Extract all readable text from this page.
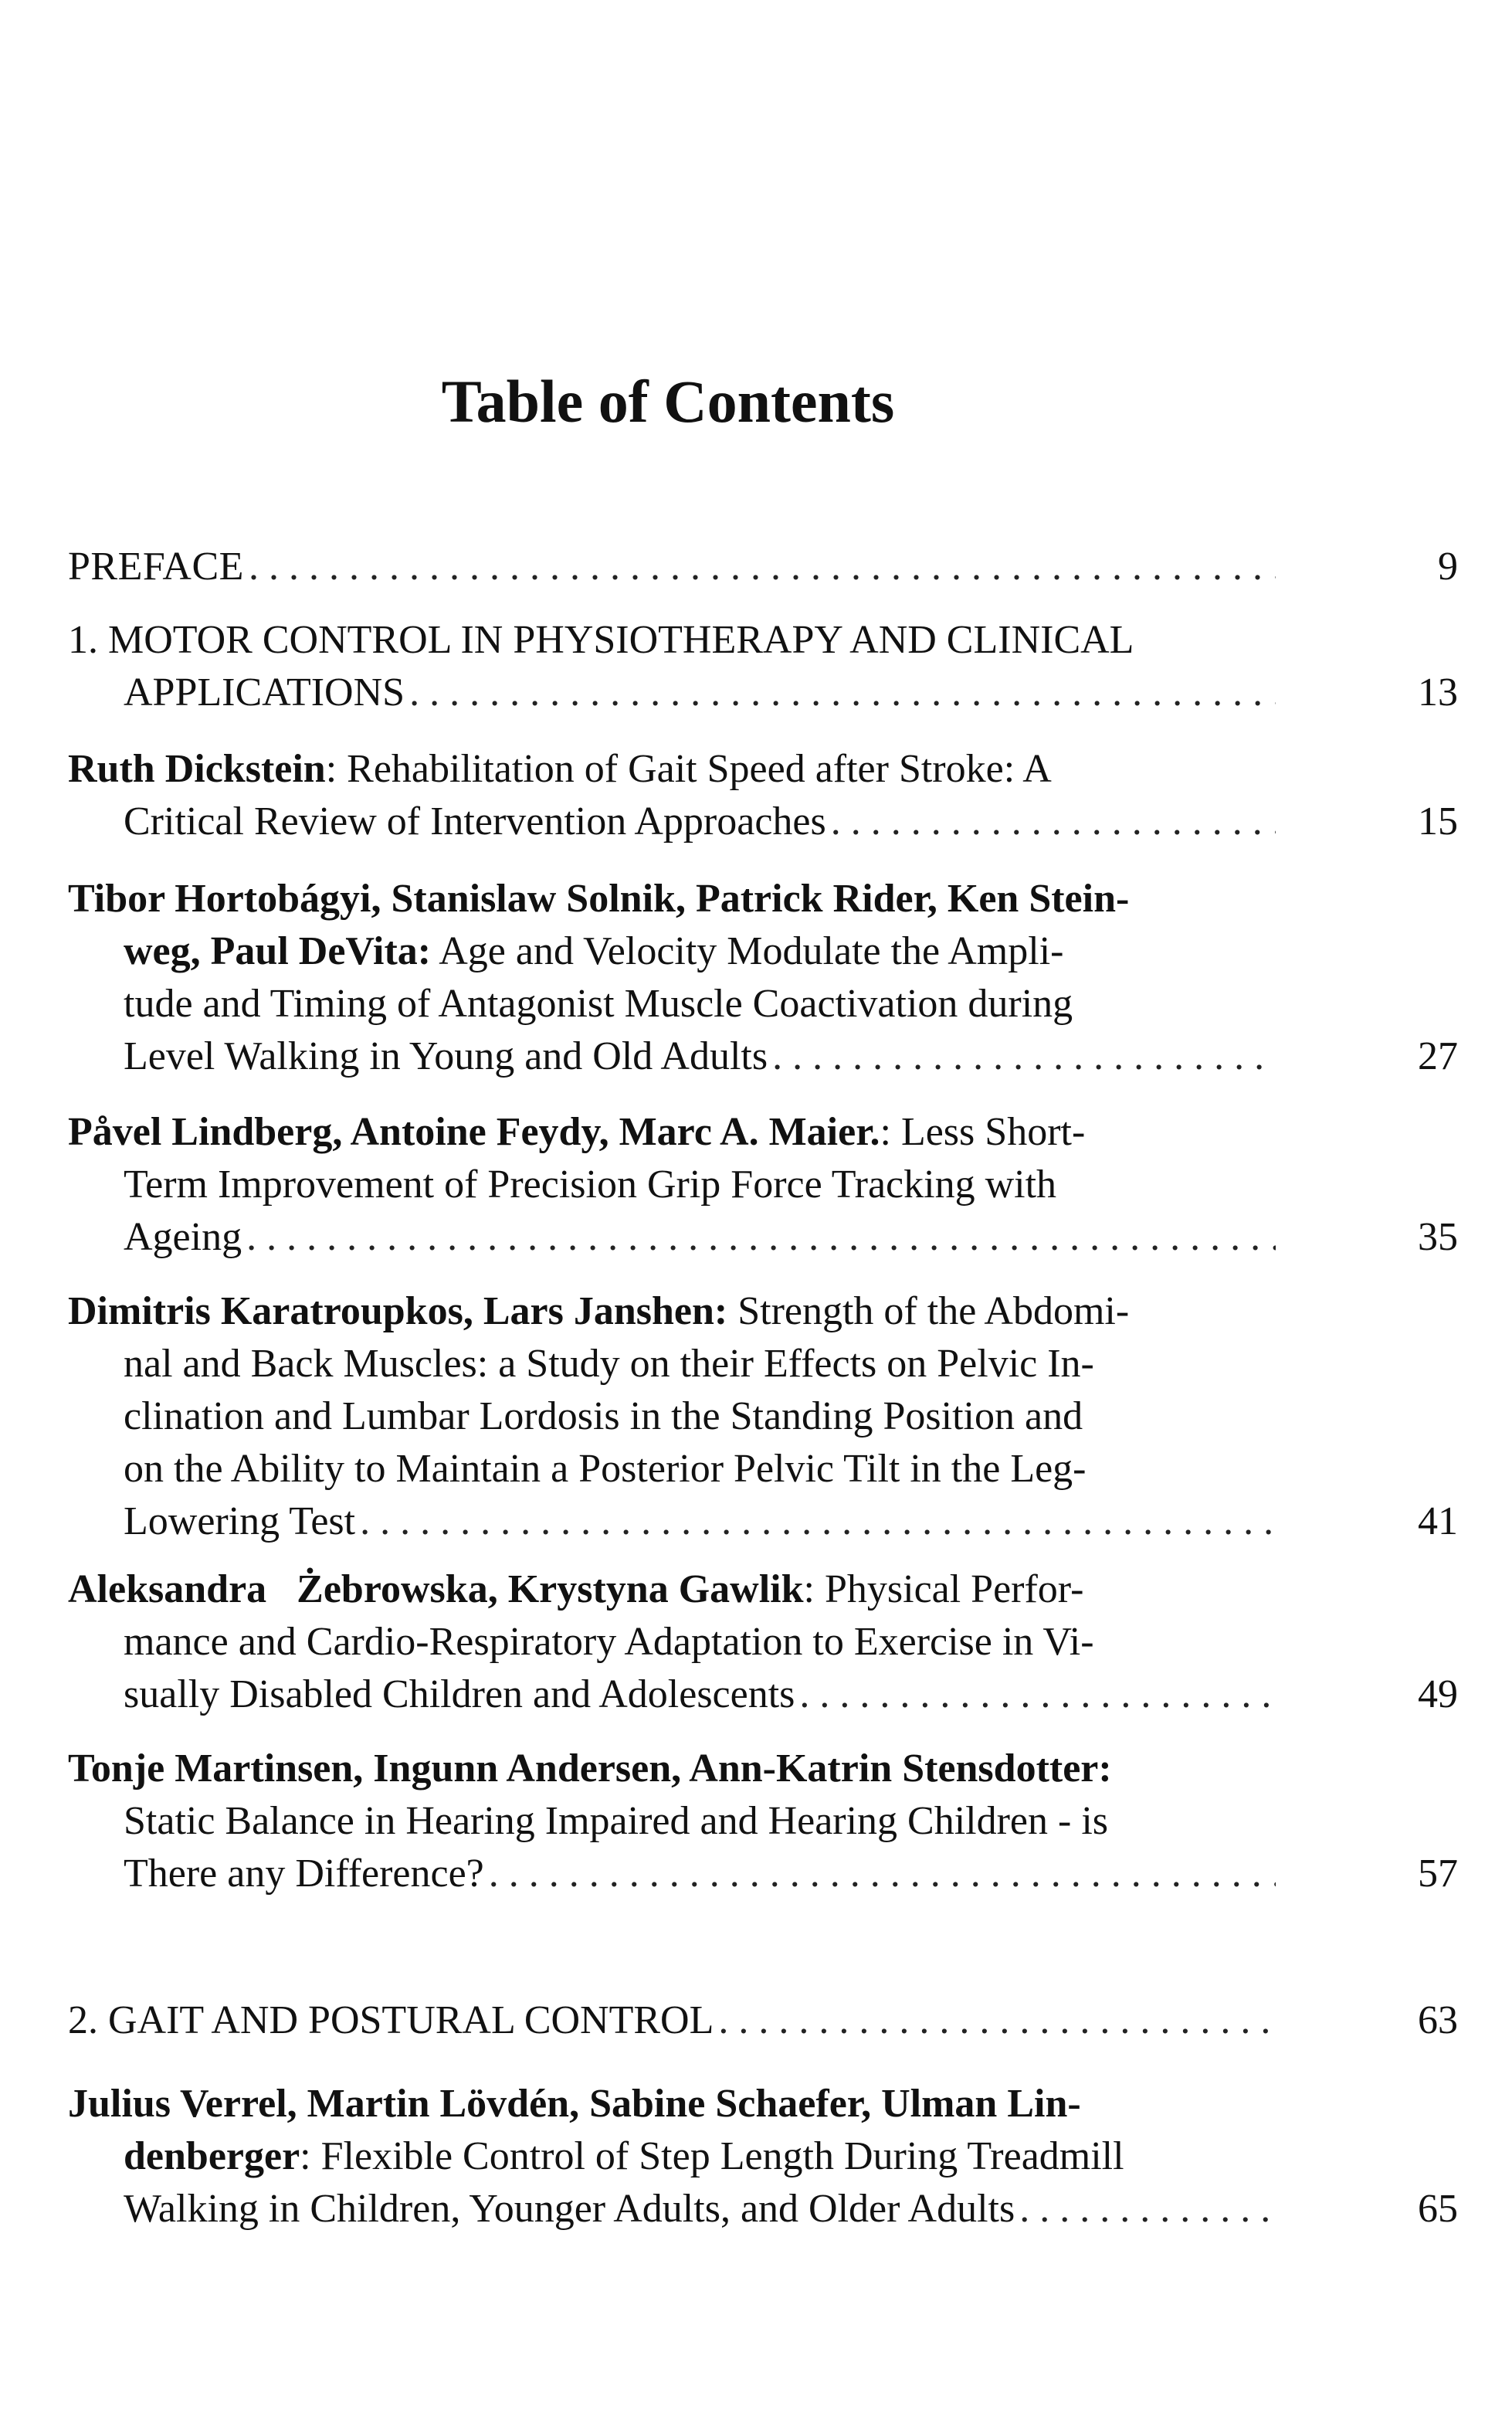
Table of Contents
PREFACE . . .	9
1. MOTOR CONTROL IN PHYSIOTHERAPY AND CLINICAL
APPLICATIONS . . .	13
Ruth Dickstein: Rehabilitation of Gait Speed after Stroke: A
Critical Review of Intervention Approaches . . .	15
Tibor Hortobágyi, Stanislaw Solnik, Patrick Rider, Ken Stein-
weg, Paul DeVita: Age and Velocity Modulate the Ampli-
tude and Timing of Antagonist Muscle Coactivation during
Level Walking in Young and Old Adults . . .	27
Påvel Lindberg, Antoine Feydy, Marc A. Maier.: Less Short-
Term Improvement of Precision Grip Force Tracking with
Ageing . . .	35
Dimitris Karatroupkos, Lars Janshen: Strength of the Abdomi-
nal and Back Muscles: a Study on their Effects on Pelvic In-
clination and Lumbar Lordosis in the Standing Position and
on the Ability to Maintain a Posterior Pelvic Tilt in the Leg-
Lowering Test . . .	41
Aleksandra   Żebrowska, Krystyna Gawlik: Physical Perfor-
mance and Cardio-Respiratory Adaptation to Exercise in Vi-
sually Disabled Children and Adolescents . . .	49
Tonje Martinsen, Ingunn Andersen, Ann-Katrin Stensdotter:
Static Balance in Hearing Impaired and Hearing Children - is
There any Difference? . . .	57
2. GAIT AND POSTURAL CONTROL . . .	63
Julius Verrel, Martin Lövdén, Sabine Schaefer, Ulman Lin-
denberger: Flexible Control of Step Length During Treadmill
Walking in Children, Younger Adults, and Older Adults . . .	65
